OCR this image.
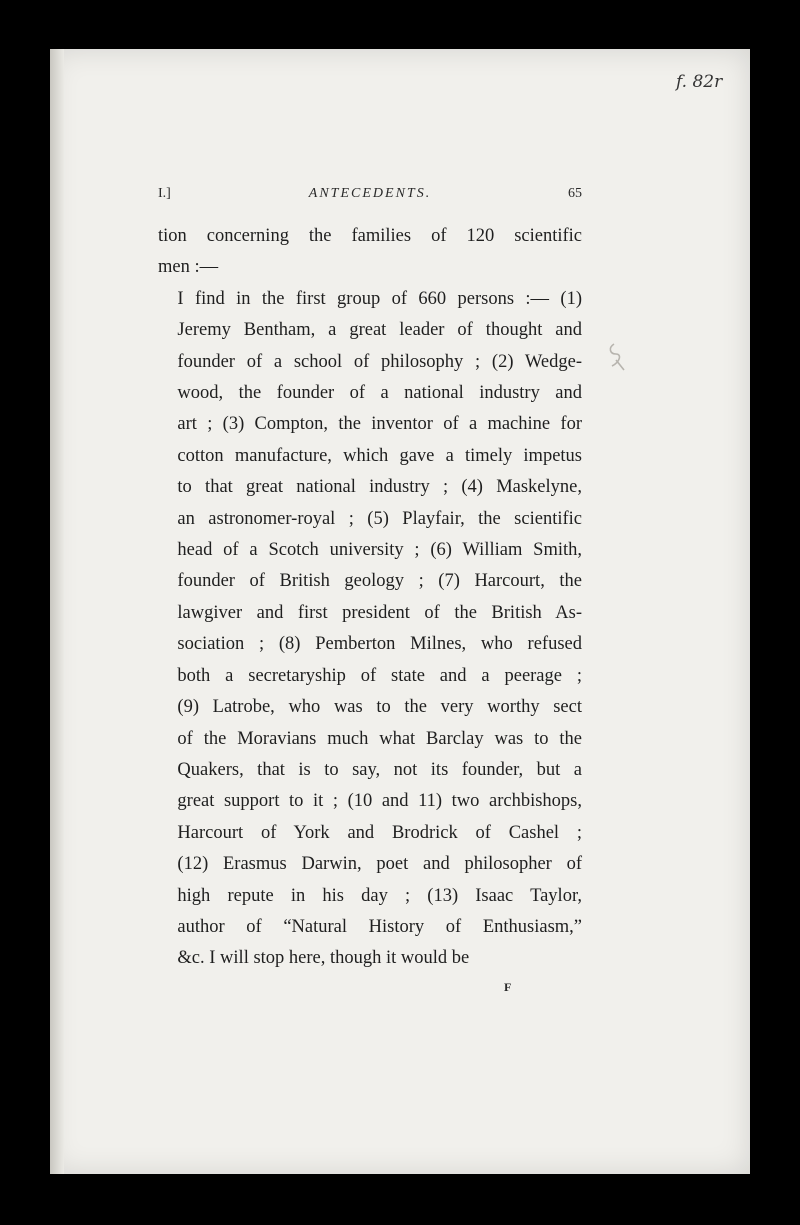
f. 82r
I.]	ANTECEDENTS.	65

tion concerning the families of 120 scientific
men :—

I find in the first group of 660 persons :— (1)
Jeremy Bentham, a great leader of thought and
founder of a school of philosophy ; (2) Wedge-
wood, the founder of a national industry and
art ; (3) Compton, the inventor of a machine for
cotton manufacture, which gave a timely impetus
to that great national industry ; (4) Maskelyne,
an astronomer-royal ; (5) Playfair, the scientific
head of a Scotch university ; (6) William Smith,
founder of British geology ; (7) Harcourt, the
lawgiver and first president of the British As-
sociation ; (8) Pemberton Milnes, who refused
both a secretaryship of state and a peerage ;
(9) Latrobe, who was to the very worthy sect
of the Moravians much what Barclay was to the
Quakers, that is to say, not its founder, but a
great support to it ; (10 and 11) two archbishops,
Harcourt of York and Brodrick of Cashel ;
(12) Erasmus Darwin, poet and philosopher of
high repute in his day ; (13) Isaac Taylor,
author of “Natural History of Enthusiasm,”
&c. I will stop here, though it would be

F
